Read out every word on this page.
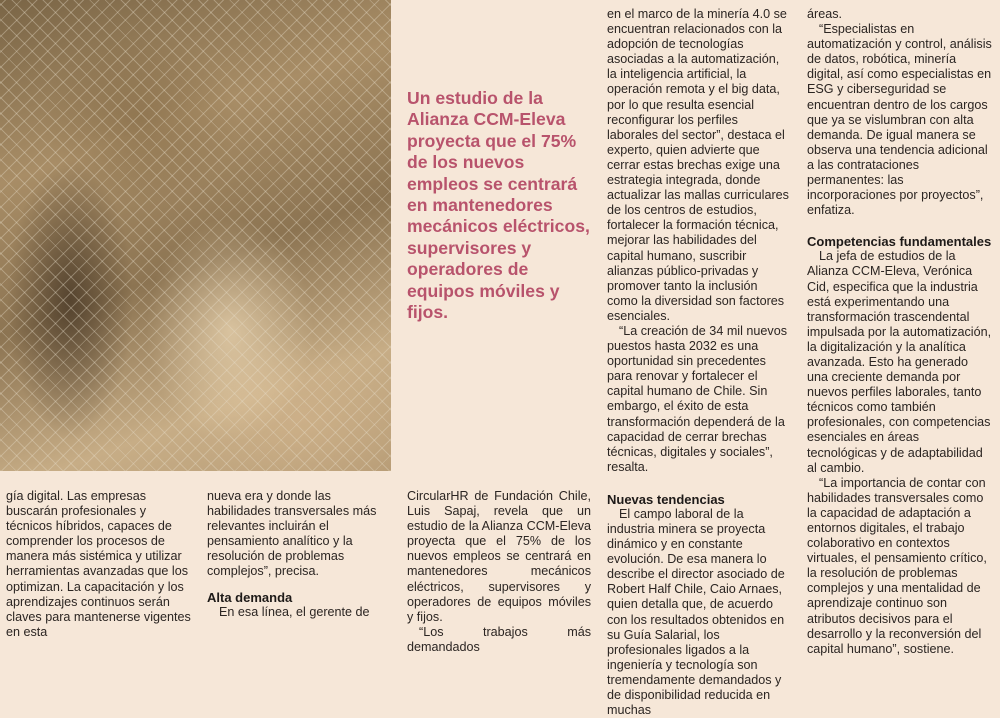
Un estudio de la Alianza CCM-Eleva proyecta que el 75% de los nuevos empleos se centrará en mantenedores mecánicos eléctricos, supervisores y operadores de equipos móviles y fijos.

gía digital. Las empresas buscarán profesionales y técnicos híbridos, capaces de comprender los procesos de manera más sistémica y utilizar herramientas avanzadas que los optimizan. La capacitación y los aprendizajes continuos serán claves para mantenerse vigentes en esta

nueva era y donde las habilidades transversales más relevantes incluirán el pensamiento analítico y la resolución de problemas complejos”, precisa.

Alta demanda

En esa línea, el gerente de

CircularHR de Fundación Chile, Luis Sapaj, revela que un estudio de la Alianza CCM-Eleva proyecta que el 75% de los nuevos empleos se centrará en mantenedores mecánicos eléctricos, supervisores y operadores de equipos móviles y fijos.

“Los trabajos más demandados

en el marco de la minería 4.0 se encuentran relacionados con la adopción de tecnologías asociadas a la automatización, la inteligencia artificial, la operación remota y el big data, por lo que resulta esencial reconfigurar los perfiles laborales del sector”, destaca el experto, quien advierte que cerrar estas brechas exige una estrategia integrada, donde actualizar las mallas curriculares de los centros de estudios, fortalecer la formación técnica, mejorar las habilidades del capital humano, suscribir alianzas público-privadas y promover tanto la inclusión como la diversidad son factores esenciales.

“La creación de 34 mil nuevos puestos hasta 2032 es una oportunidad sin precedentes para renovar y fortalecer el capital humano de Chile. Sin embargo, el éxito de esta transformación dependerá de la capacidad de cerrar brechas técnicas, digitales y sociales”, resalta.

Nuevas tendencias

El campo laboral de la industria minera se proyecta dinámico y en constante evolución. De esa manera lo describe el director asociado de Robert Half Chile, Caio Arnaes, quien detalla que, de acuerdo con los resultados obtenidos en su Guía Salarial, los profesionales ligados a la ingeniería y tecnología son tremendamente demandados y de disponibilidad reducida en muchas

áreas.

“Especialistas en automatización y control, análisis de datos, robótica, minería digital, así como especialistas en ESG y ciberseguridad se encuentran dentro de los cargos que ya se vislumbran con alta demanda. De igual manera se observa una tendencia adicional a las contrataciones permanentes: las incorporaciones por proyectos”, enfatiza.

Competencias fundamentales

La jefa de estudios de la Alianza CCM-Eleva, Verónica Cid, especifica que la industria está experimentando una transformación trascendental impulsada por la automatización, la digitalización y la analítica avanzada. Esto ha generado una creciente demanda por nuevos perfiles laborales, tanto técnicos como también profesionales, con competencias esenciales en áreas tecnológicas y de adaptabilidad al cambio.

“La importancia de contar con habilidades transversales como la capacidad de adaptación a entornos digitales, el trabajo colaborativo en contextos virtuales, el pensamiento crítico, la resolución de problemas complejos y una mentalidad de aprendizaje continuo son atributos decisivos para el desarrollo y la reconversión del capital humano”, sostiene.
